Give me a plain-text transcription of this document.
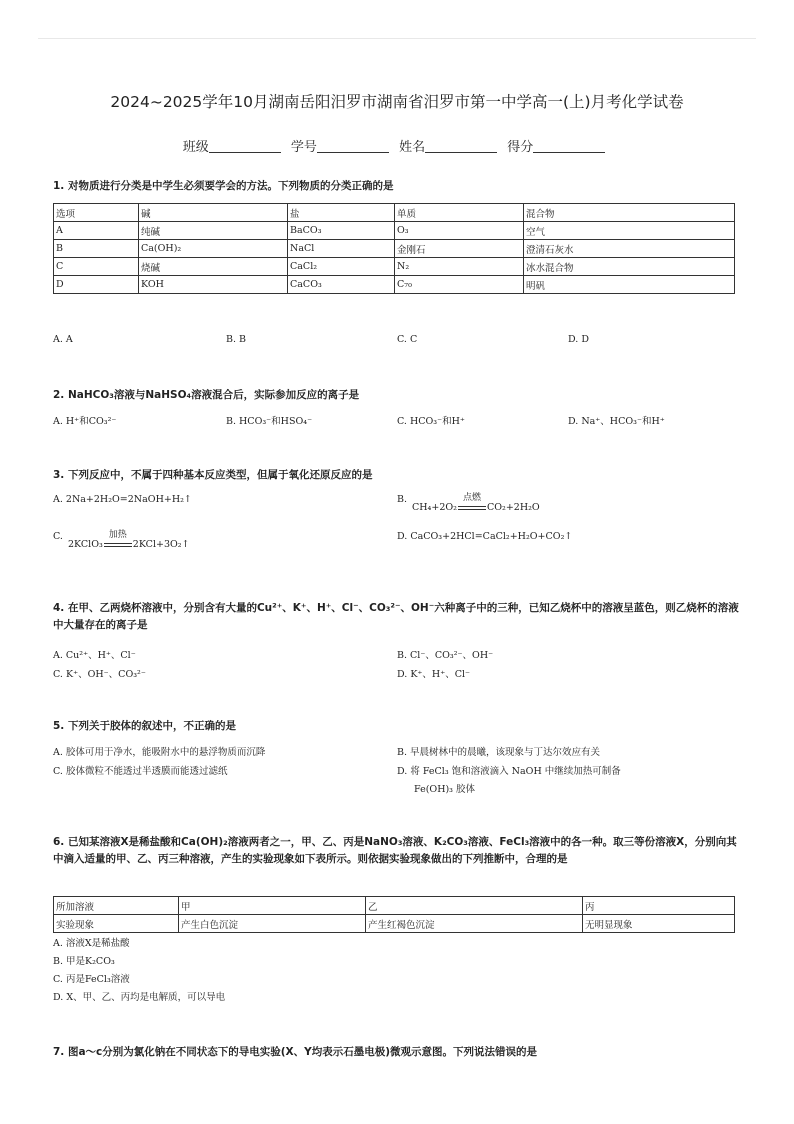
2024~2025学年10月湖南岳阳汨罗市湖南省汨罗市第一中学高一(上)月考化学试卷
班级	学号	姓名	得分
1. 对物质进行分类是中学生必须要学会的方法。下列物质的分类正确的是
选项	碱	盐	单质	混合物
A	纯碱	BaCO₃	O₃	空气
B	Ca(OH)₂	NaCl	金刚石	澄清石灰水
C	烧碱	CaCl₂	N₂	冰水混合物
D	KOH	CaCO₃	C₇₀	明矾
A. A	B. B	C. C	D. D
2. NaHCO₃溶液与NaHSO₄溶液混合后，实际参加反应的离子是
A. H⁺和CO₃²⁻	B. HCO₃⁻和HSO₄⁻	C. HCO₃⁻和H⁺	D. Na⁺、HCO₃⁻和H⁺
3. 下列反应中，不属于四种基本反应类型，但属于氧化还原反应的是
A. 2Na+2H₂O=2NaOH+H₂↑	B.
CH₄+2O₂
点燃
CO₂+2H₂O
C.
2KClO₃
加热
2KCl+3O₂↑
D. CaCO₃+2HCl=CaCl₂+H₂O+CO₂↑
4. 在甲、乙两烧杯溶液中，分别含有大量的Cu²⁺、K⁺、H⁺、Cl⁻、CO₃²⁻、OH⁻六种离子中的三种，已知乙烧杯中的溶液呈蓝色，则乙烧杯的溶液中大量存在的离子是
A. Cu²⁺、H⁺、Cl⁻	B. Cl⁻、CO₃²⁻、OH⁻
C. K⁺、OH⁻、CO₃²⁻	D. K⁺、H⁺、Cl⁻
5. 下列关于胶体的叙述中，不正确的是
A. 胶体可用于净水，能吸附水中的悬浮物质而沉降	B. 早晨树林中的晨曦，该现象与丁达尔效应有关
C. 胶体微粒不能透过半透膜而能透过滤纸	D. 将 FeCl₃ 饱和溶液滴入 NaOH 中继续加热可制备
Fe(OH)₃ 胶体
6. 已知某溶液X是稀盐酸和Ca(OH)₂溶液两者之一，甲、乙、丙是NaNO₃溶液、K₂CO₃溶液、FeCl₃溶液中的各一种。取三等份溶液X，分别向其中滴入适量的甲、乙、丙三种溶液，产生的实验现象如下表所示。则依据实验现象做出的下列推断中，合理的是
所加溶液	甲	乙	丙
实验现象	产生白色沉淀	产生红褐色沉淀	无明显现象
A. 溶液X是稀盐酸
B. 甲是K₂CO₃
C. 丙是FeCl₃溶液
D. X、甲、乙、丙均是电解质，可以导电
7. 图a～c分别为氯化钠在不同状态下的导电实验(X、Y均表示石墨电极)微观示意图。下列说法错误的是
